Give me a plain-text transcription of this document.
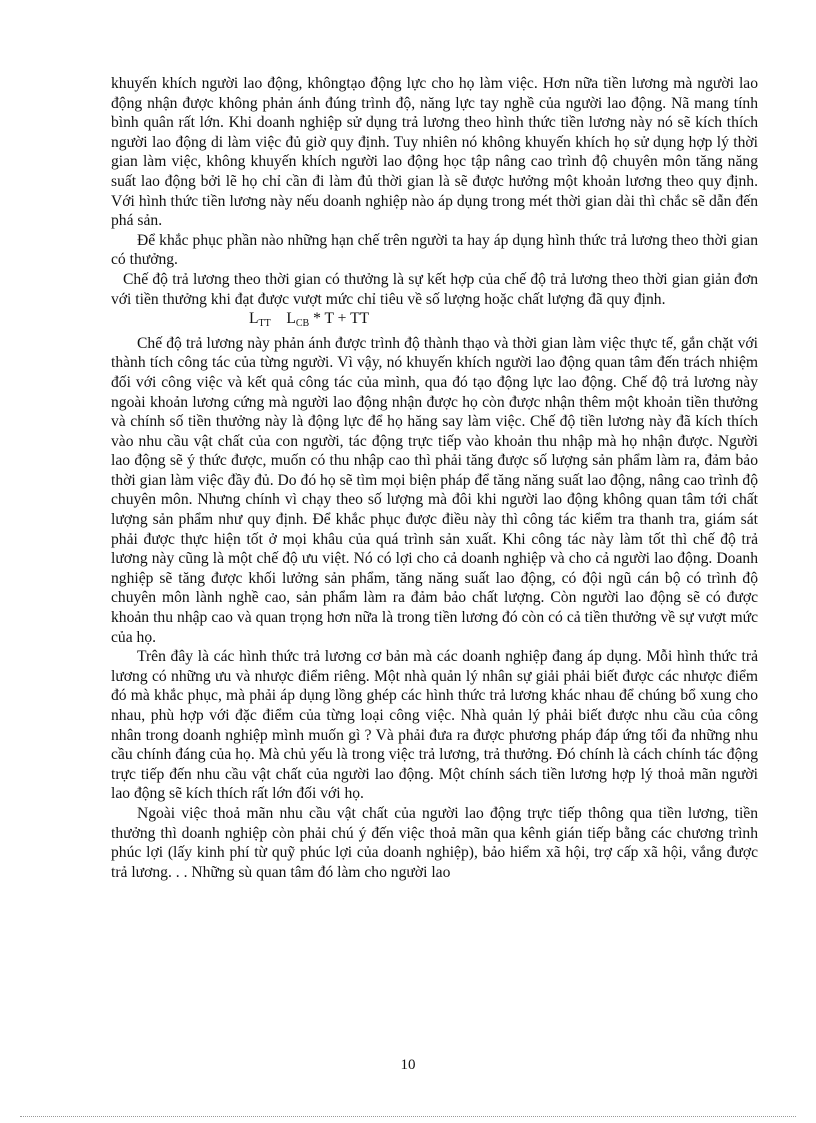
khuyến khích người lao động, khôngtạo động lực cho họ làm việc. Hơn nữa tiền lương mà người lao động nhận được không phản ánh đúng trình độ, năng lực tay nghề của người lao động. Nã mang tính bình quân rất lớn. Khi doanh nghiệp sử dụng trả lương theo hình thức tiền lương này nó sẽ kích thích người lao động di làm việc đủ giờ quy định. Tuy nhiên nó không khuyến khích họ sử dụng hợp lý thời gian làm việc, không khuyến khích người lao động học tập nâng cao trình độ chuyên môn tăng năng suất lao động bởi lẽ họ chỉ cần đi làm đủ thời gian là sẽ được hưởng một khoản lương theo quy định. Với hình thức tiền lương này nếu doanh nghiệp nào áp dụng trong mét thời gian dài thì chắc sẽ dẫn đến phá sản.

Để khắc phục phần nào những hạn chế trên người ta hay áp dụng hình thức trả lương theo thời gian có thưởng.

Chế độ trả lương theo thời gian có thưởng là sự kết hợp của chế độ trả lương theo thời gian giản đơn với tiền thưởng khi đạt được vượt mức chỉ tiêu về số lượng hoặc chất lượng đã quy định.

$L_{TT}$ $L_{CB}$ * T + TT

Chế độ trả lương này phản ánh được trình độ thành thạo và thời gian làm việc thực tế, gắn chặt với thành tích công tác của từng người. Vì vậy, nó khuyến khích người lao động quan tâm đến trách nhiệm đối với công việc và kết quả công tác của mình, qua đó tạo động lực lao động. Chế độ trả lương này ngoài khoản lương cứng mà người lao động nhận được họ còn được nhận thêm một khoản tiền thưởng và chính số tiền thưởng này là động lực để họ hăng say làm việc. Chế độ tiền lương này đã kích thích vào nhu cầu vật chất của con người, tác động trực tiếp vào khoản thu nhập mà họ nhận được. Người lao động sẽ ý thức được, muốn có thu nhập cao thì phải tăng được số lượng sản phẩm làm ra, đảm bảo thời gian làm việc đầy đủ. Do đó họ sẽ tìm mọi biện pháp để tăng năng suất lao động, nâng cao trình độ chuyên môn. Nhưng chính vì chạy theo số lượng mà đôi khi người lao động không quan tâm tới chất lượng sản phẩm như quy định. Để khắc phục được điều này thì công tác kiểm tra thanh tra, giám sát phải được thực hiện tốt ở mọi khâu của quá trình sản xuất. Khi công tác này làm tốt thì chế độ trả lương này cũng là một chế độ ưu việt. Nó có lợi cho cả doanh nghiệp và cho cả người lao động. Doanh nghiệp sẽ tăng được khối lưởng sản phẩm, tăng năng suất lao động, có đội ngũ cán bộ có trình độ chuyên môn lành nghề cao, sản phẩm làm ra đảm bảo chất lượng. Còn người lao động sẽ có được khoản thu nhập cao và quan trọng hơn nữa là trong tiền lương đó còn có cả tiền thưởng về sự vượt mức của họ.

Trên đây là các hình thức trả lương cơ bản mà các doanh nghiệp đang áp dụng. Mỗi hình thức trả lương có những ưu và nhược điểm riêng. Một nhà quản lý nhân sự giải phải biết được các nhược điểm đó mà khắc phục, mà phải áp dụng lồng ghép các hình thức trả lương khác nhau để chúng bổ xung cho nhau, phù hợp với đặc điểm của từng loại công việc. Nhà quản lý phải biết được nhu cầu của công nhân trong doanh nghiệp mình muốn gì ? Và phải đưa ra được phương pháp đáp ứng tối đa những nhu cầu chính đáng của họ. Mà chủ yếu là trong việc trả lương, trả thưởng. Đó chính là cách chính tác động trực tiếp đến nhu cầu vật chất của người lao động. Một chính sách tiền lương hợp lý thoả mãn người lao động sẽ kích thích rất lớn đối với họ.

Ngoài việc thoả mãn nhu cầu vật chất của người lao động trực tiếp thông qua tiền lương, tiền thưởng thì doanh nghiệp còn phải chú ý đến việc thoả mãn qua kênh gián tiếp bằng các chương trình phúc lợi (lấy kinh phí từ quỹ phúc lợi của doanh nghiệp), bảo hiểm xã hội, trợ cấp xã hội, vắng được trả lương. . . Những sù quan tâm đó làm cho người lao

10
